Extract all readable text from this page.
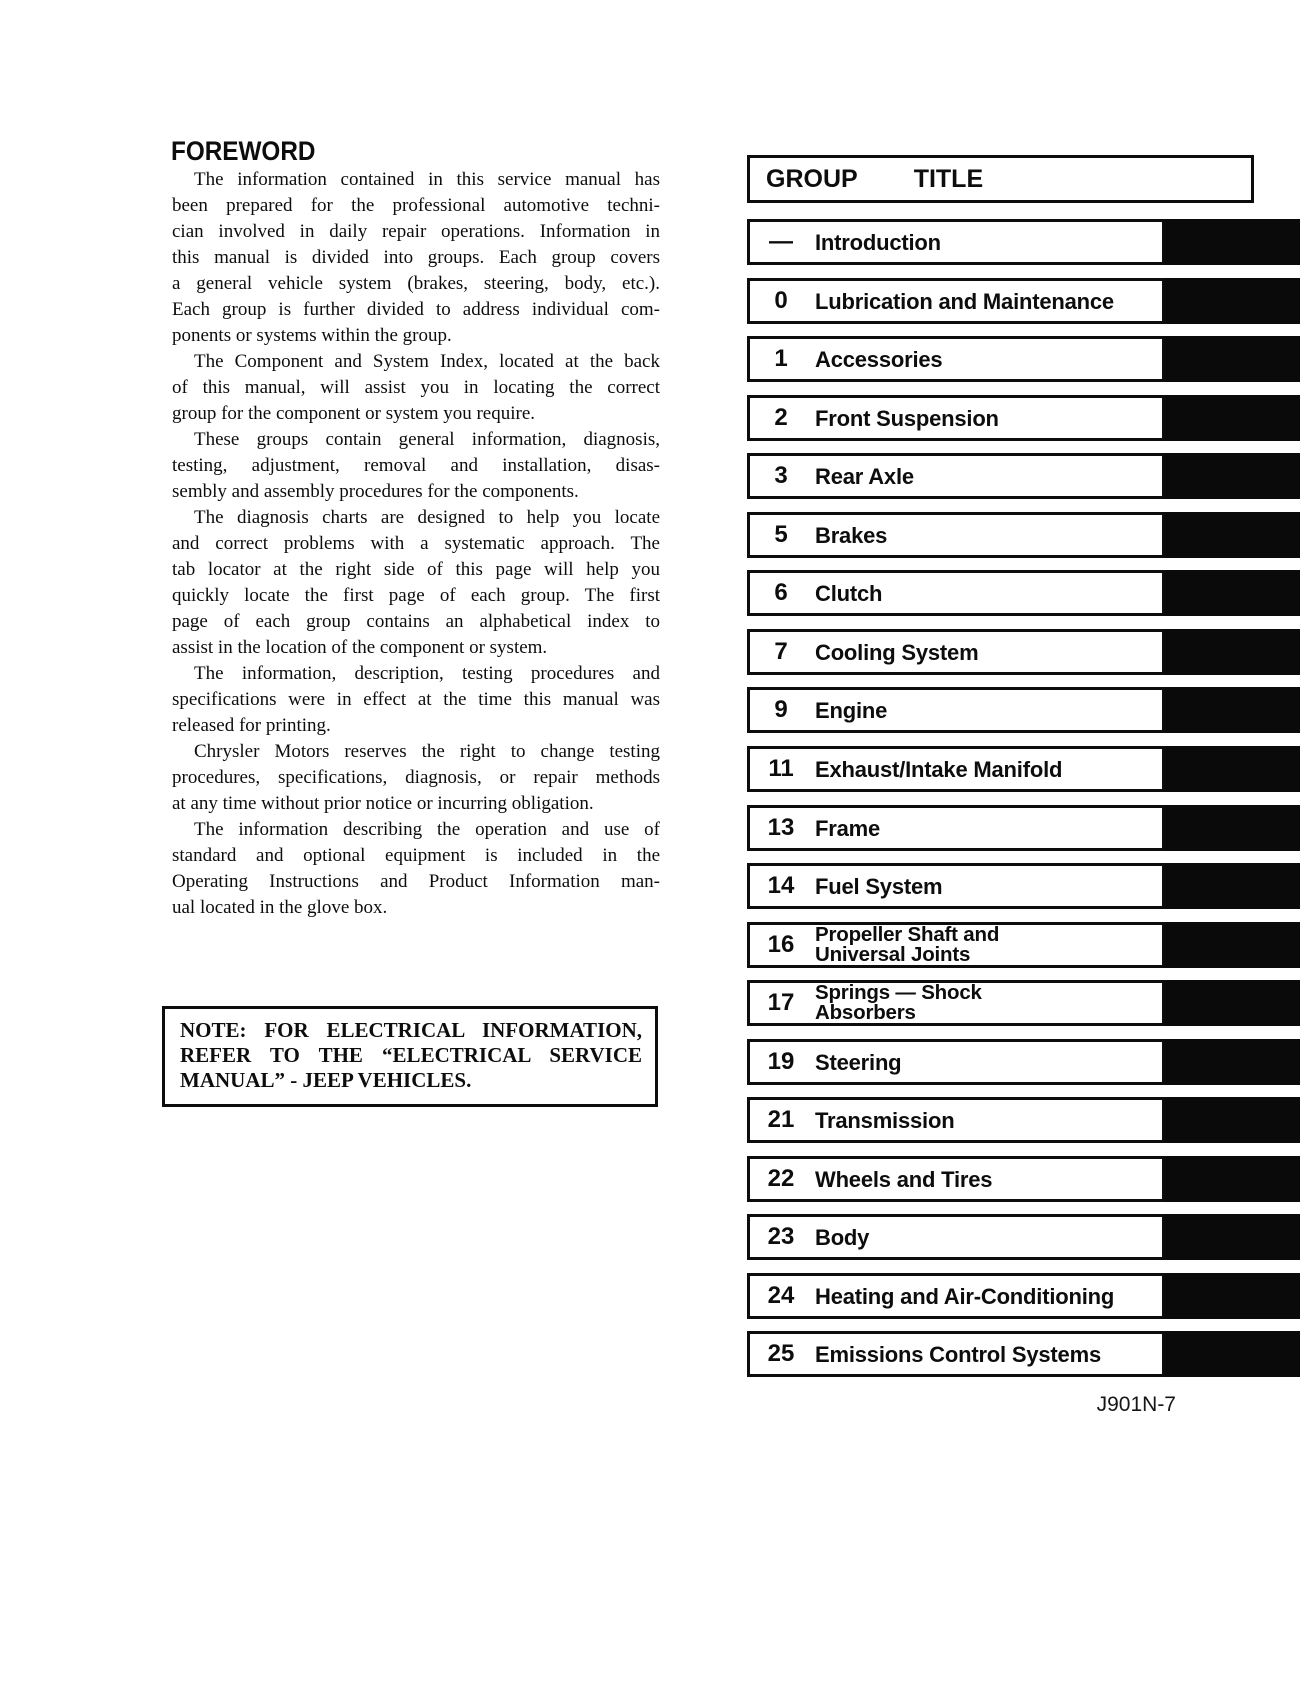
FOREWORD
The information contained in this service manual has
been prepared for the professional automotive techni-
cian involved in daily repair operations. Information in
this manual is divided into groups. Each group covers
a general vehicle system (brakes, steering, body, etc.).
Each group is further divided to address individual com-
ponents or systems within the group.
The Component and System Index, located at the back
of this manual, will assist you in locating the correct
group for the component or system you require.
These groups contain general information, diagnosis,
testing, adjustment, removal and installation, disas-
sembly and assembly procedures for the components.
The diagnosis charts are designed to help you locate
and correct problems with a systematic approach. The
tab locator at the right side of this page will help you
quickly locate the first page of each group. The first
page of each group contains an alphabetical index to
assist in the location of the component or system.
The information, description, testing procedures and
specifications were in effect at the time this manual was
released for printing.
Chrysler Motors reserves the right to change testing
procedures, specifications, diagnosis, or repair methods
at any time without prior notice or incurring obligation.
The information describing the operation and use of
standard and optional equipment is included in the
Operating Instructions and Product Information man-
ual located in the glove box.
NOTE: FOR ELECTRICAL INFORMATION,
REFER TO THE “ELECTRICAL SERVICE
MANUAL” - JEEP VEHICLES.
GROUP TITLE
—	Introduction
0	Lubrication and Maintenance
1	Accessories
2	Front Suspension
3	Rear Axle
5	Brakes
6	Clutch
7	Cooling System
9	Engine
11 Exhaust/Intake Manifold
13 Frame
14 Fuel System
16	Propeller Shaft and
Universal Joints
17	Springs — Shock
Absorbers
19 Steering
21 Transmission
22 Wheels and Tires
23 Body
24 Heating and Air-Conditioning
25 Emissions Control Systems
J901N-7
